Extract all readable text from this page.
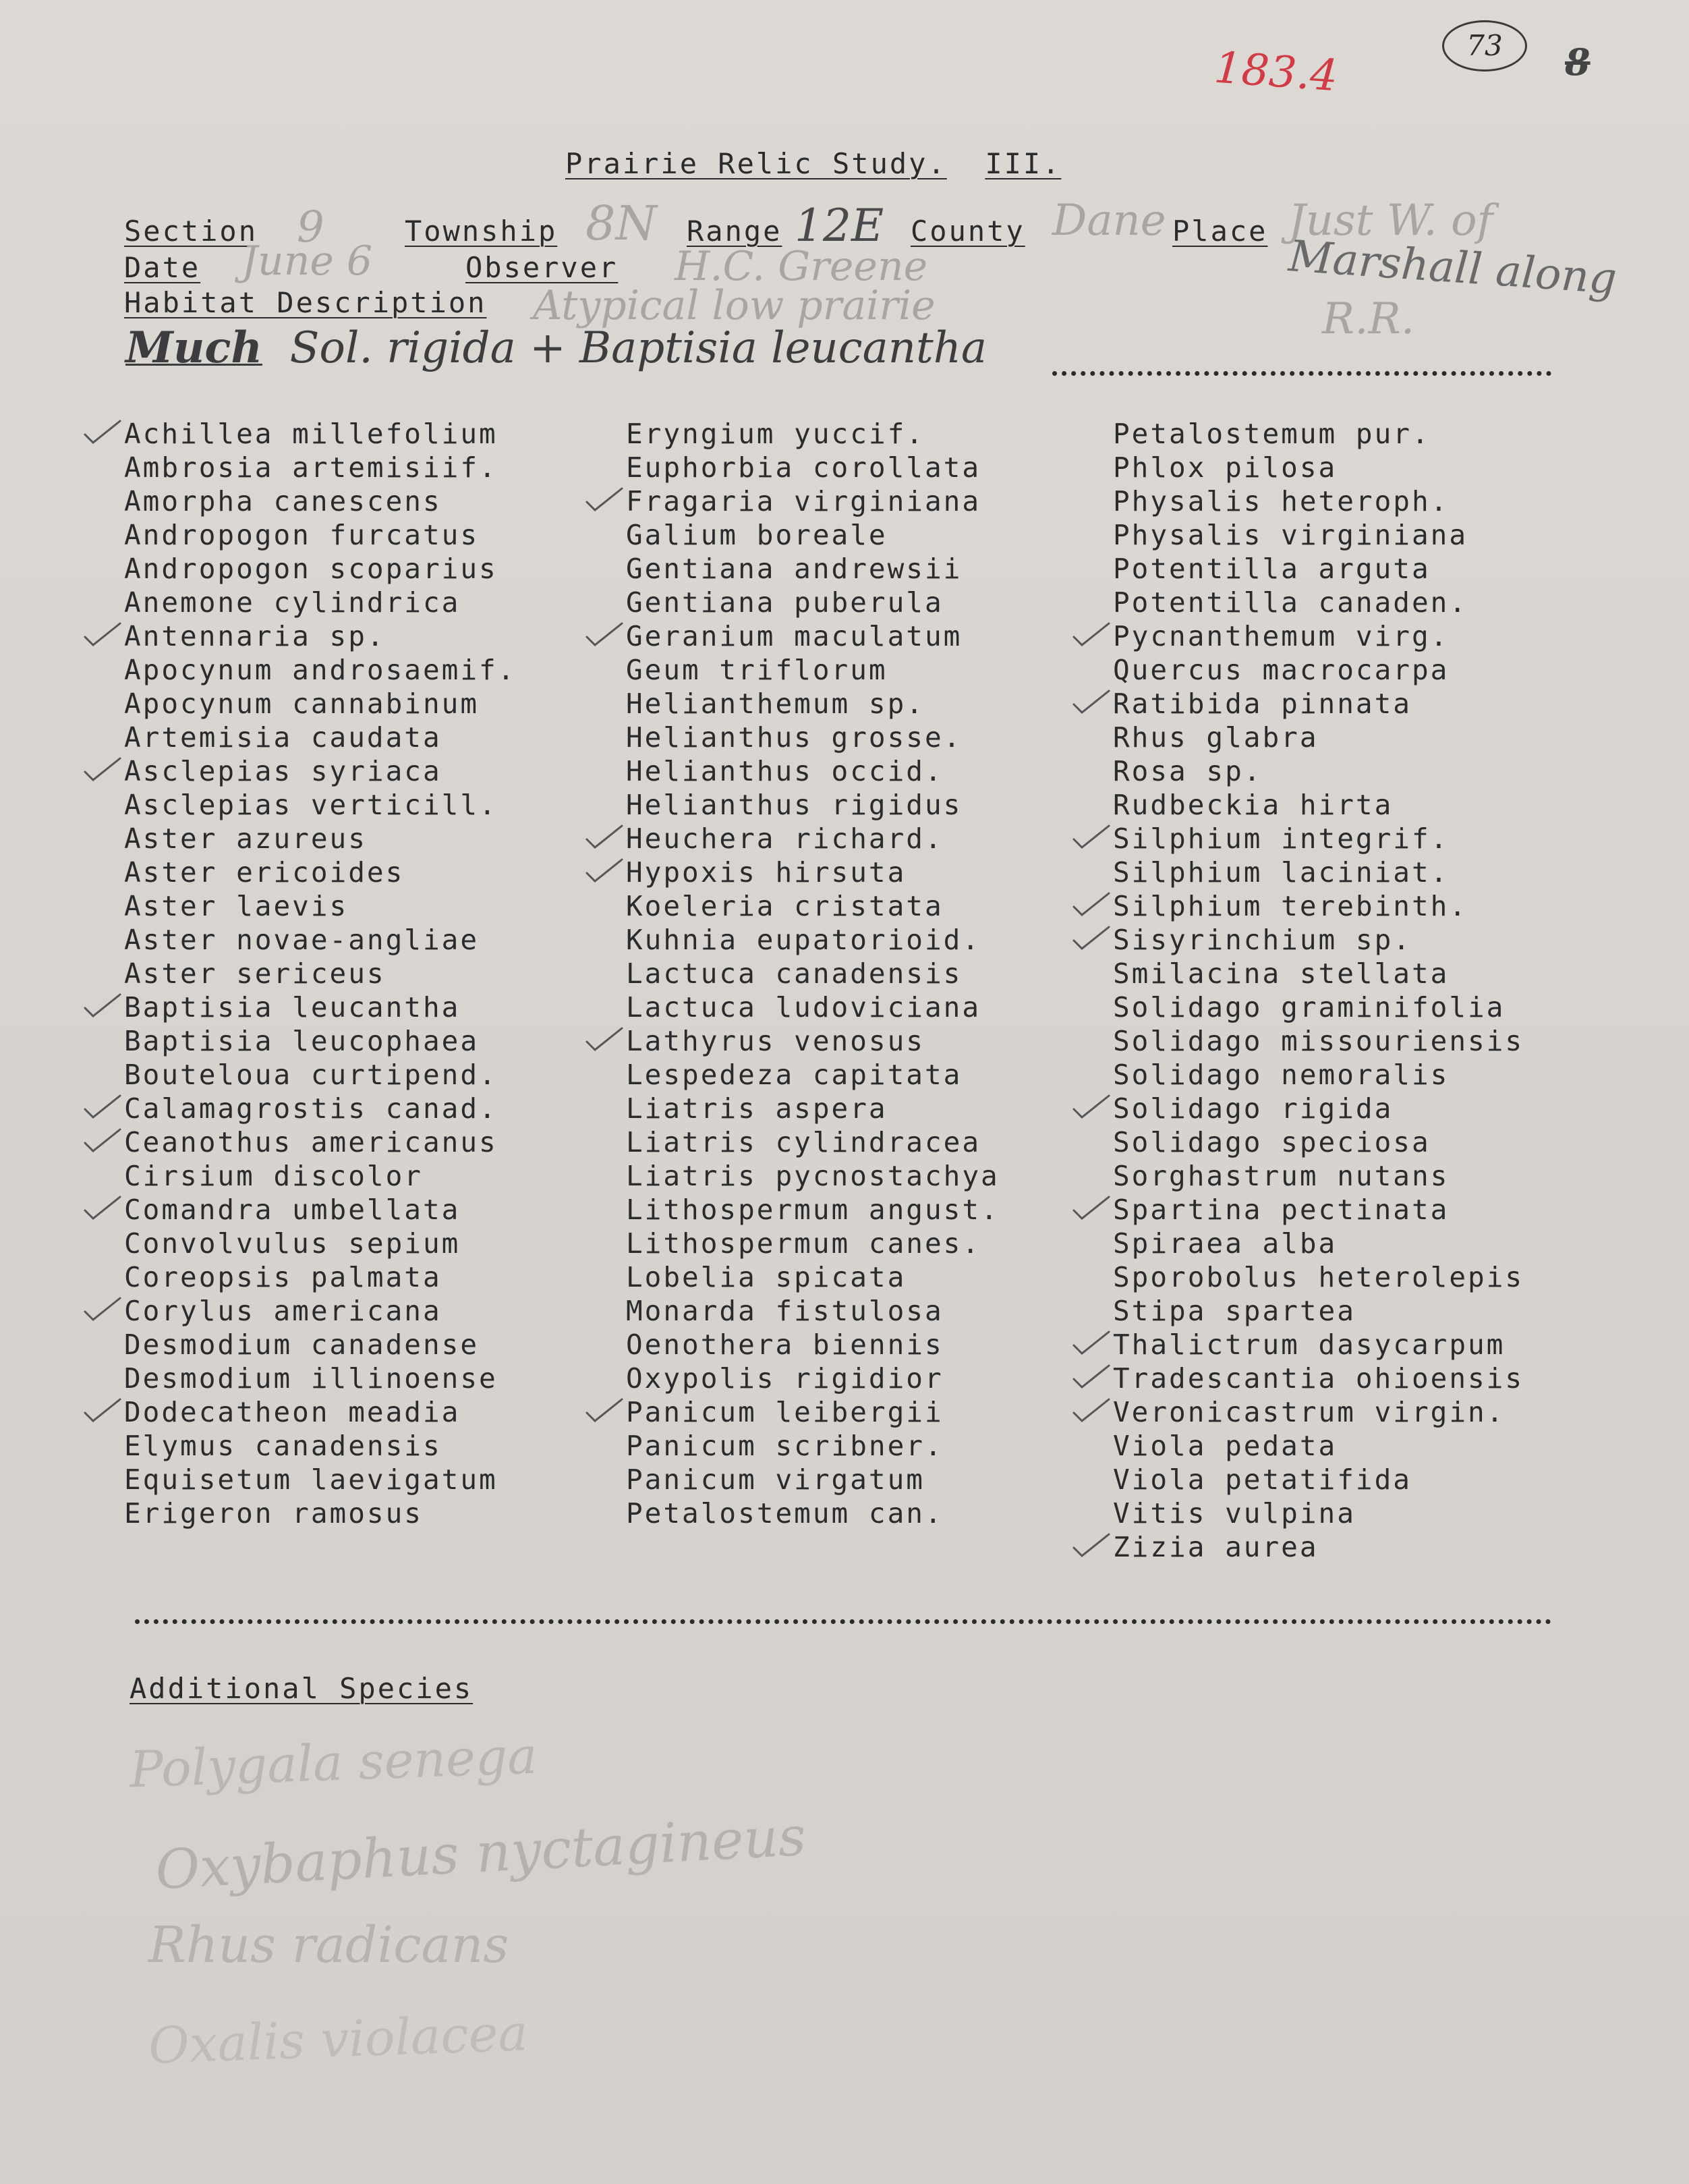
183.4	73	8
Prairie Relic Study. III.
Section 9	Township 8N Range 12E County Dane Place Just W. of
Marshall along
R.R.
Date June 6	Observer H.C. Greene
Habitat Description Atypical low prairie
Much Sol. rigida + Baptisia leucantha
Achillea millefolium
Ambrosia artemisiif.
Amorpha canescens
Andropogon furcatus
Andropogon scoparius
Anemone cylindrica
Antennaria sp.
Apocynum androsaemif.
Apocynum cannabinum
Artemisia caudata
Asclepias syriaca
Asclepias verticill.
Aster azureus
Aster ericoides
Aster laevis
Aster novae-angliae
Aster sericeus
Baptisia leucantha
Baptisia leucophaea
Bouteloua curtipend.
Calamagrostis canad.
Ceanothus americanus
Cirsium discolor
Comandra umbellata
Convolvulus sepium
Coreopsis palmata
Corylus americana
Desmodium canadense
Desmodium illinoense
Dodecatheon meadia
Elymus canadensis
Equisetum laevigatum
Erigeron ramosus
Eryngium yuccif.
Euphorbia corollata
Fragaria virginiana
Galium boreale
Gentiana andrewsii
Gentiana puberula
Geranium maculatum
Geum triflorum
Helianthemum sp.
Helianthus grosse.
Helianthus occid.
Helianthus rigidus
Heuchera richard.
Hypoxis hirsuta
Koeleria cristata
Kuhnia eupatorioid.
Lactuca canadensis
Lactuca ludoviciana
Lathyrus venosus
Lespedeza capitata
Liatris aspera
Liatris cylindracea
Liatris pycnostachya
Lithospermum angust.
Lithospermum canes.
Lobelia spicata
Monarda fistulosa
Oenothera biennis
Oxypolis rigidior
Panicum leibergii
Panicum scribner.
Panicum virgatum
Petalostemum can.
Petalostemum pur.
Phlox pilosa
Physalis heteroph.
Physalis virginiana
Potentilla arguta
Potentilla canaden.
Pycnanthemum virg.
Quercus macrocarpa
Ratibida pinnata
Rhus glabra
Rosa sp.
Rudbeckia hirta
Silphium integrif.
Silphium laciniat.
Silphium terebinth.
Sisyrinchium sp.
Smilacina stellata
Solidago graminifolia
Solidago missouriensis
Solidago nemoralis
Solidago rigida
Solidago speciosa
Sorghastrum nutans
Spartina pectinata
Spiraea alba
Sporobolus heterolepis
Stipa spartea
Thalictrum dasycarpum
Tradescantia ohioensis
Veronicastrum virgin.
Viola pedata
Viola petatifida
Vitis vulpina
Zizia aurea
Additional Species
Polygala senega
Oxybaphus nyctagineus
Rhus radicans
Oxalis violacea
